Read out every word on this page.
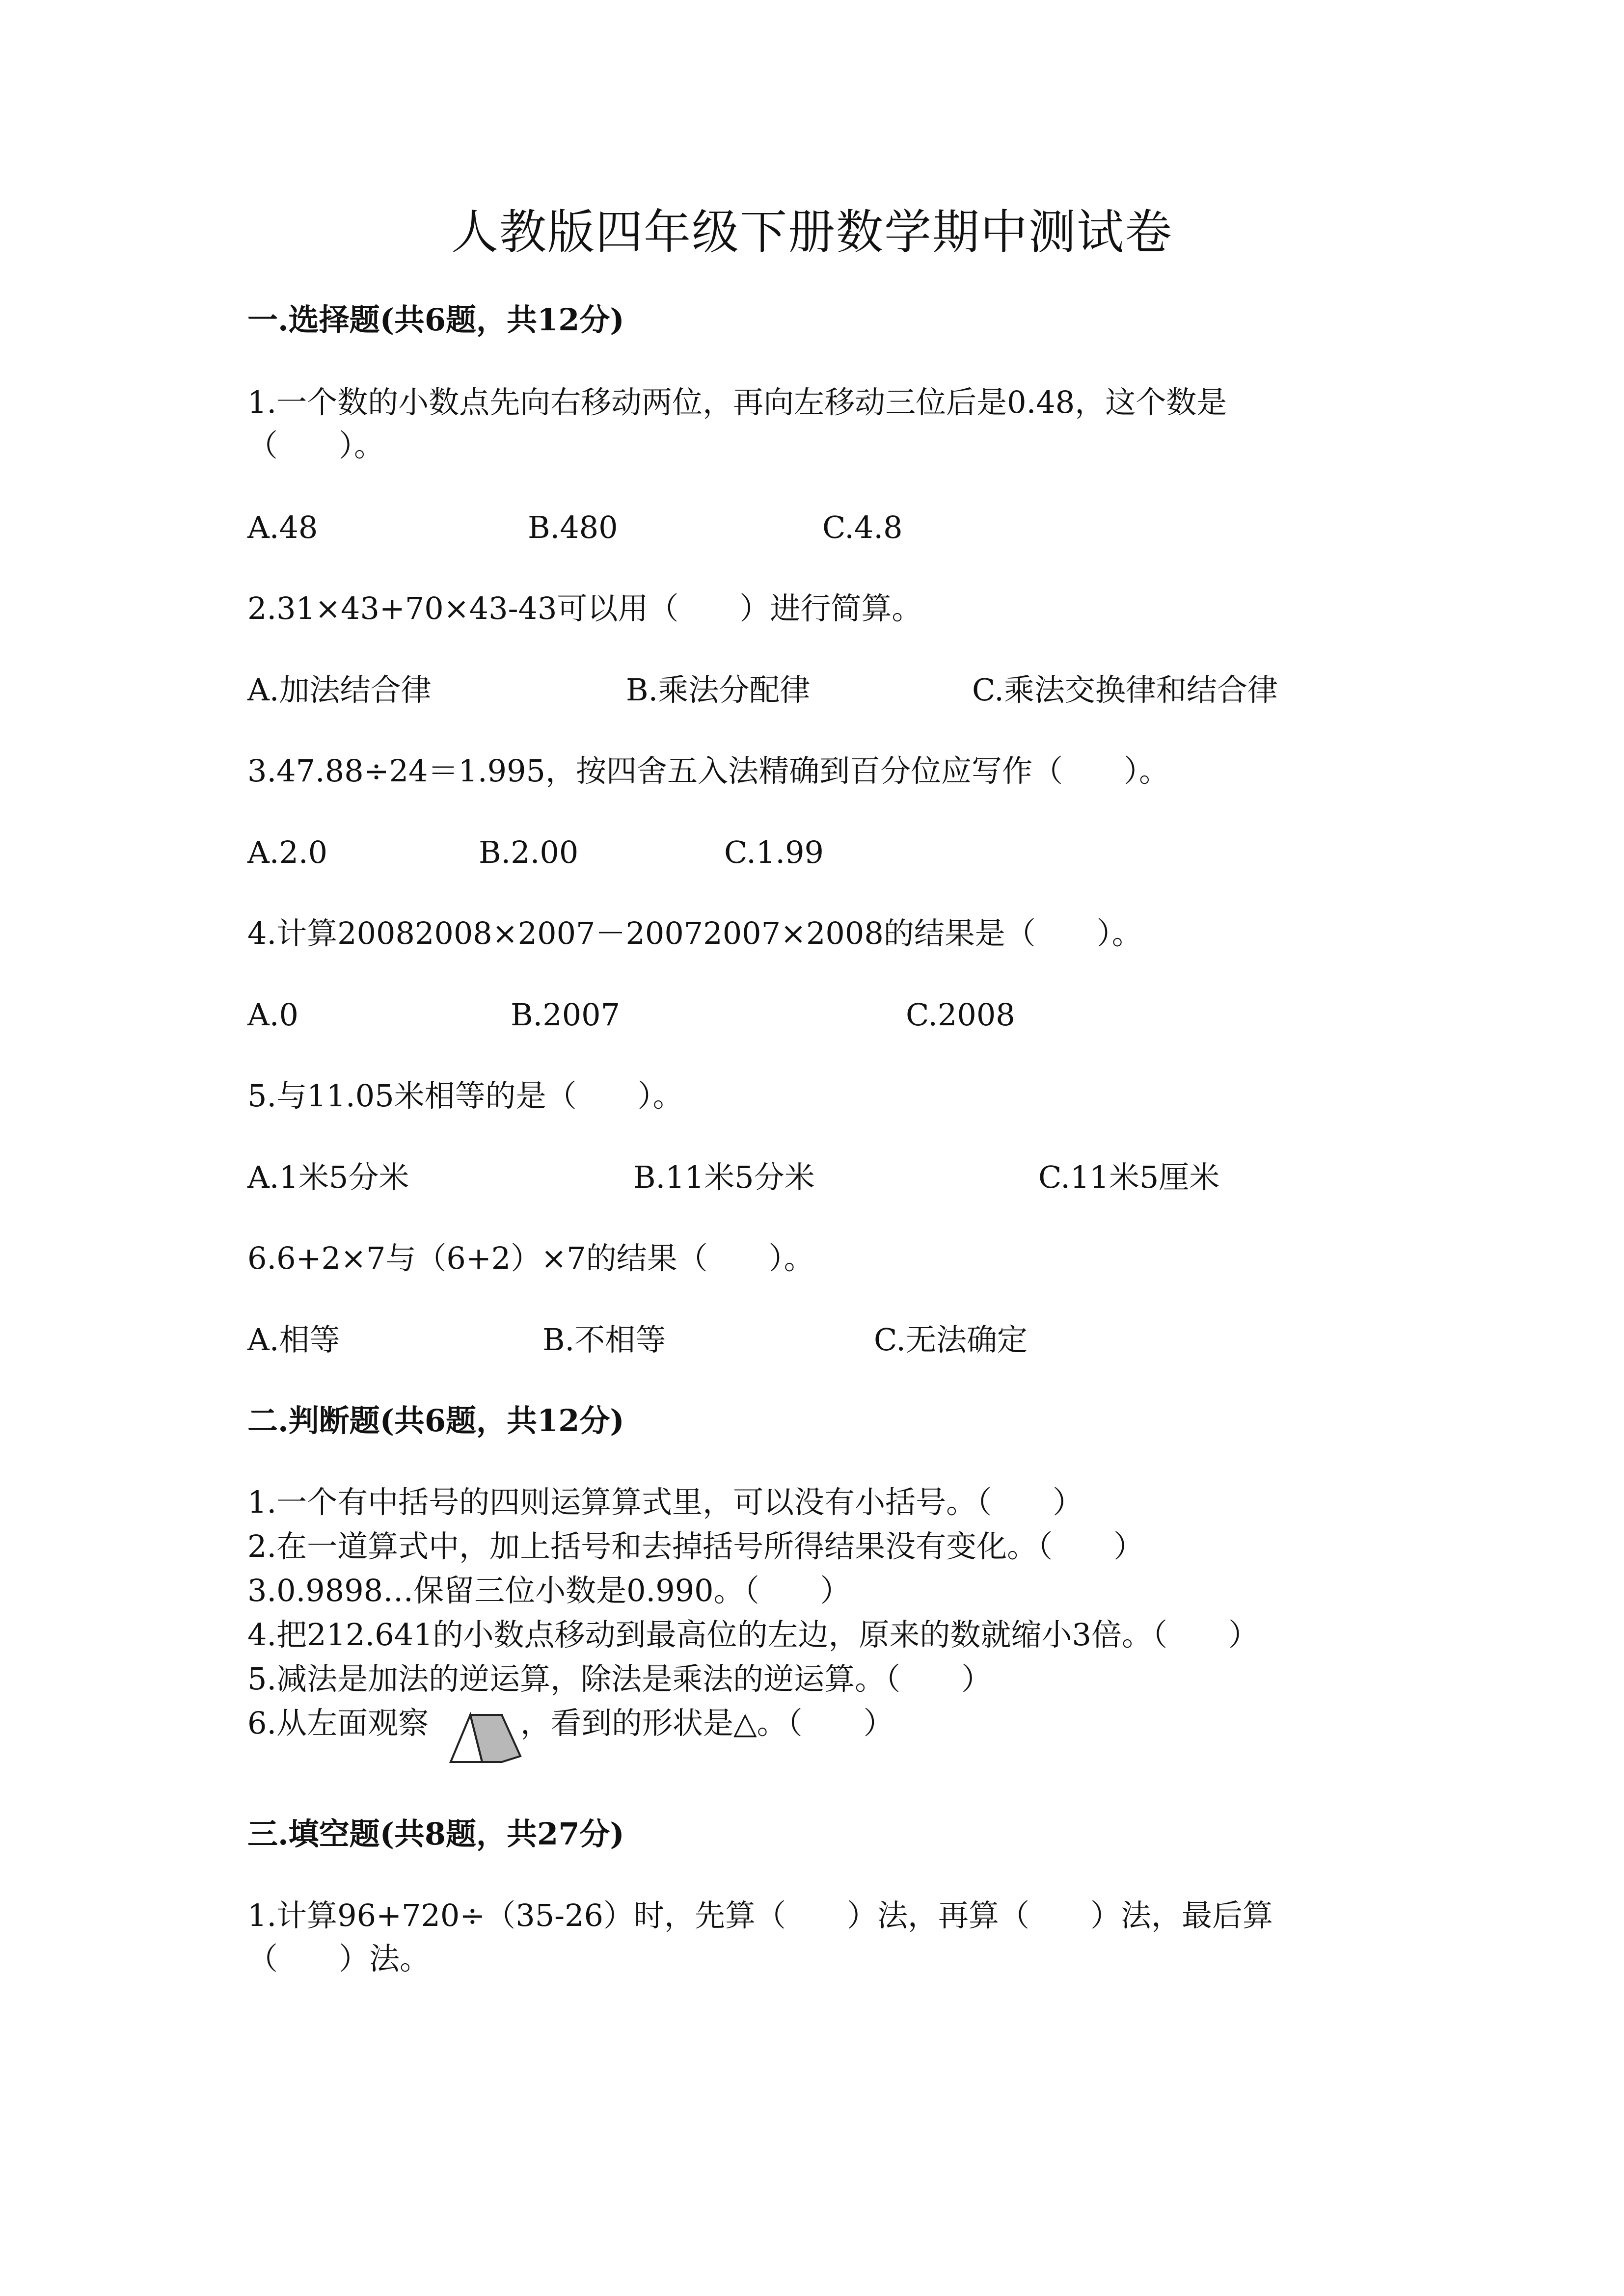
人教版四年级下册数学期中测试卷
一.选择题(共6题，共12分)
1.一个数的小数点先向右移动两位，再向左移动三位后是0.48，这个数是
（　　）。
A.48	B.480	C.4.8
2.31×43+70×43-43可以用（　　）进行简算。
A.加法结合律	B.乘法分配律	C.乘法交换律和结合律
3.47.88÷24＝1.995，按四舍五入法精确到百分位应写作（　　）。
A.2.0	B.2.00	C.1.99
4.计算20082008×2007－20072007×2008的结果是（　　）。
A.0	B.2007	C.2008
5.与11.05米相等的是（　　）。
A.1米5分米	B.11米5分米	C.11米5厘米
6.6+2×7与（6+2）×7的结果（　　）。
A.相等	B.不相等	C.无法确定
二.判断题(共6题，共12分)
1.一个有中括号的四则运算算式里，可以没有小括号。（　　）
2.在一道算式中，加上括号和去掉括号所得结果没有变化。（　　）
3.0.9898…保留三位小数是0.990。（　　）
4.把212.641的小数点移动到最高位的左边，原来的数就缩小3倍。（　　）
5.减法是加法的逆运算，除法是乘法的逆运算。（　　）
6.从左面观察	，看到的形状是△。（　　）
三.填空题(共8题，共27分)
1.计算96+720÷（35-26）时，先算（　　）法，再算（　　）法，最后算
（　　）法。
